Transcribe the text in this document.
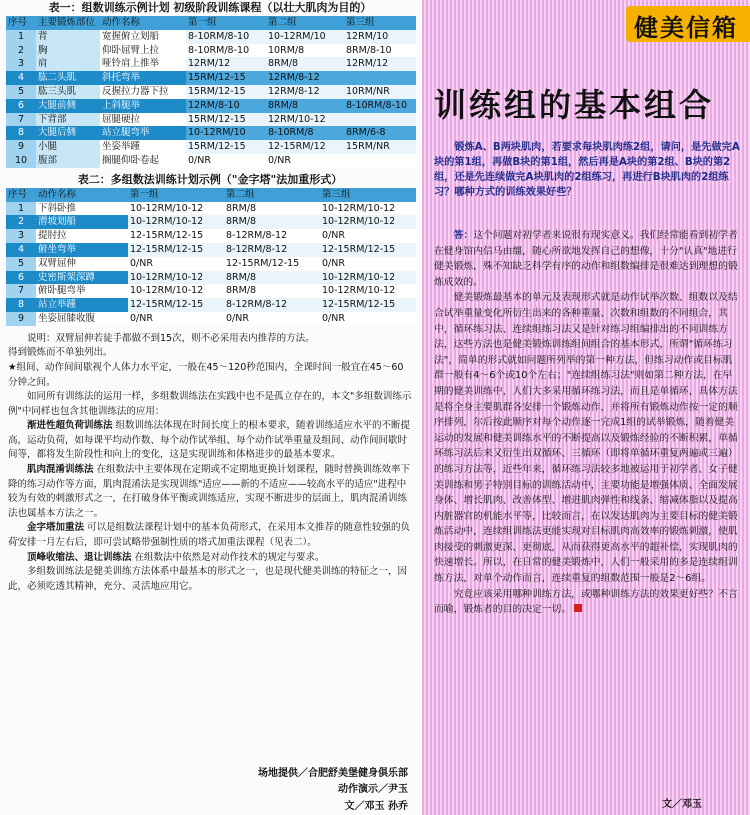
表一：组数训练示例计划 初级阶段训练课程（以壮大肌肉为目的）
序号	主要锻炼部位	动作名称	第一组	第二组	第三组
1	背	宽握俯立划船	8-10RM/8-10	10-12RM/10	12RM/10
2	胸	仰卧屈臂上拉	8-10RM/8-10	10RM/8	8RM/8-10
3	肩	哑铃肩上推举	12RM/12	8RM/8	12RM/12
4	肱二头肌	斜托弯举	15RM/12-15	12RM/8-12	
5	肱三头肌	反握拉力器下拉	15RM/12-15	12RM/8-12	10RM/NR
6	大腿前侧	上斜腿举	12RM/8-10	8RM/8	8-10RM/8-10
7	下背部	屈腿硬拉	15RM/12-15	12RM/10-12	
8	大腿后侧	站立腿弯举	10-12RM/10	8-10RM/8	8RM/6-8
9	小腿	坐姿举踵	15RM/12-15	12-15RM/12	15RM/NR
10	腹部	搁腿仰卧卷起	0/NR	0/NR	
表二：多组数法训练计划示例（"金字塔"法加重形式）
序号	动作名称	第一组	第二组	第三组
1	下斜卧推	10-12RM/10-12	8RM/8	10-12RM/10-12
2	潜坡划船	10-12RM/10-12	8RM/8	10-12RM/10-12
3	提肘拉	12-15RM/12-15	8-12RM/8-12	0/NR
4	俯坐弯举	12-15RM/12-15	8-12RM/8-12	12-15RM/12-15
5	双臂屈伸	0/NR	12-15RM/12-15	0/NR
6	史密斯架深蹲	10-12RM/10-12	8RM/8	10-12RM/10-12
7	俯卧腿弯举	10-12RM/10-12	8RM/8	10-12RM/10-12
8	站立举踵	12-15RM/12-15	8-12RM/8-12	12-15RM/12-15
9	坐姿屈膝收腹	0/NR	0/NR	0/NR

说明：双臂屈伸若徒手都做不到15次，则不必采用表内推荐的方法。

得到锻炼而不单独列出。

★组间、动作间间歇视个人体力水平定，一般在45～120秒范围内，全课时间一般宜在45～60分钟之间。

如同所有训练法的运用一样，多组数训练法在实践中也不是孤立存在的，本文"多组数训练示例"中同样也包含其他训练法的应用：

渐进性超负荷训练法 组数训练法体现在时间长度上的根本要求，随着训练适应水平的不断提高，运动负荷，如每课平均动作数、每个动作试举组、每个动作试举重量及组间、动作间间歇时间等，都将发生阶段性和向上的变化，这是实现训练和体格进步的最基本要求。

肌肉混淆训练法 在组数法中主要体现在定期或不定期地更换计划课程，随时替换训练效率下降的练习动作等方面，肌肉混淆法是实现训练"适应——新的不适应——较高水平的适应"进程中较为有效的刺激形式之一，在打破身体平衡或训练适应，实现不断进步的层面上，肌肉混淆训练法也属基本方法之一。

金字塔加重法 可以是组数法课程计划中的基本负荷形式，在采用本文推荐的随意性较强的负荷安排一月左右后，即可尝试略带强制性质的塔式加重法课程（见表二）。

顶峰收缩法、退让训练法 在组数法中依然是对动作技术的规定与要求。

多组数训练法是健美训练方法体系中最基本的形式之一，也是现代健美训练的特征之一，因此，必须吃透其精神，充分、灵活地应用它。

场地提供／合肥舒美堡健身俱乐部
动作演示／尹玉
文／邓玉 孙乔
健美信箱
训练组的基本组合
锻炼A、B两块肌肉，若要求每块肌肉练2组，请问，是先做完A块的第1组，再做B块的第1组，然后再是A块的第2组、B块的第2组，还是先连续做完A块肌肉的2组练习，再进行B块肌肉的2组练习？哪种方式的训练效果好些？

答：这个问题对初学者来说很有现实意义。我们经常能看到初学者在健身馆内信马由缰，随心所欲地发挥自己的想像，十分"认真"地进行健美锻炼，殊不知缺乏科学有序的动作和组数编排是很难达到理想的锻炼成效的。

健美锻炼最基本的单元及表现形式就是动作试举次数、组数以及结合试举重量变化所衍生出来的各种重量、次数和组数的不同组合，其中，循环练习法、连续组练习法又是针对练习组编排出的不同训练方法，这些方法也是健美锻炼训练组间组合的基本形式，所谓"循环练习法"，简单的形式就如问题所列举的第一种方法，但练习动作或目标肌群一般有4～6个或10个左右；"连续组练习法"则如第二种方法，在早期的健美训练中，人们大多采用循环练习法，而且是单循环，具体方法是将全身主要肌群各安排一个锻炼动作，并将所有锻炼动作按一定的顺序排列，尔后按此顺序对每个动作逐一完成1组的试举锻炼，随着健美运动的发展和健美训练水平的不断提高以及锻炼经验的不断积累，单循环练习法后来又衍生出双循环、三循环（即将单循环重复两遍或三遍）的练习方法等，近些年来，循环练习法较多地被运用于初学者、女子健美训练和男子特别目标的训练活动中，主要功能是增强体质、全面发展身体、增长肌肉、改善体型、增进肌肉弹性和线条、缩减体脂以及提高内脏器官的机能水平等，比较而言，在以发达肌肉为主要目标的健美锻炼活动中，连续组训练法更能实现对目标肌肉高效率的锻炼刺激，使肌肉接受的刺激更深、更彻底，从而获得更高水平的超补偿，实现肌肉的快速增长。所以，在日常的健美锻炼中，人们一般采用的多是连续组训练方法，对单个动作而言，连续重复的组数范围一般是2～6组。

究竟应该采用哪种训练方法，或哪种训练方法的效果更好些？不言而喻，锻炼者的目的决定一切。

文／邓玉
